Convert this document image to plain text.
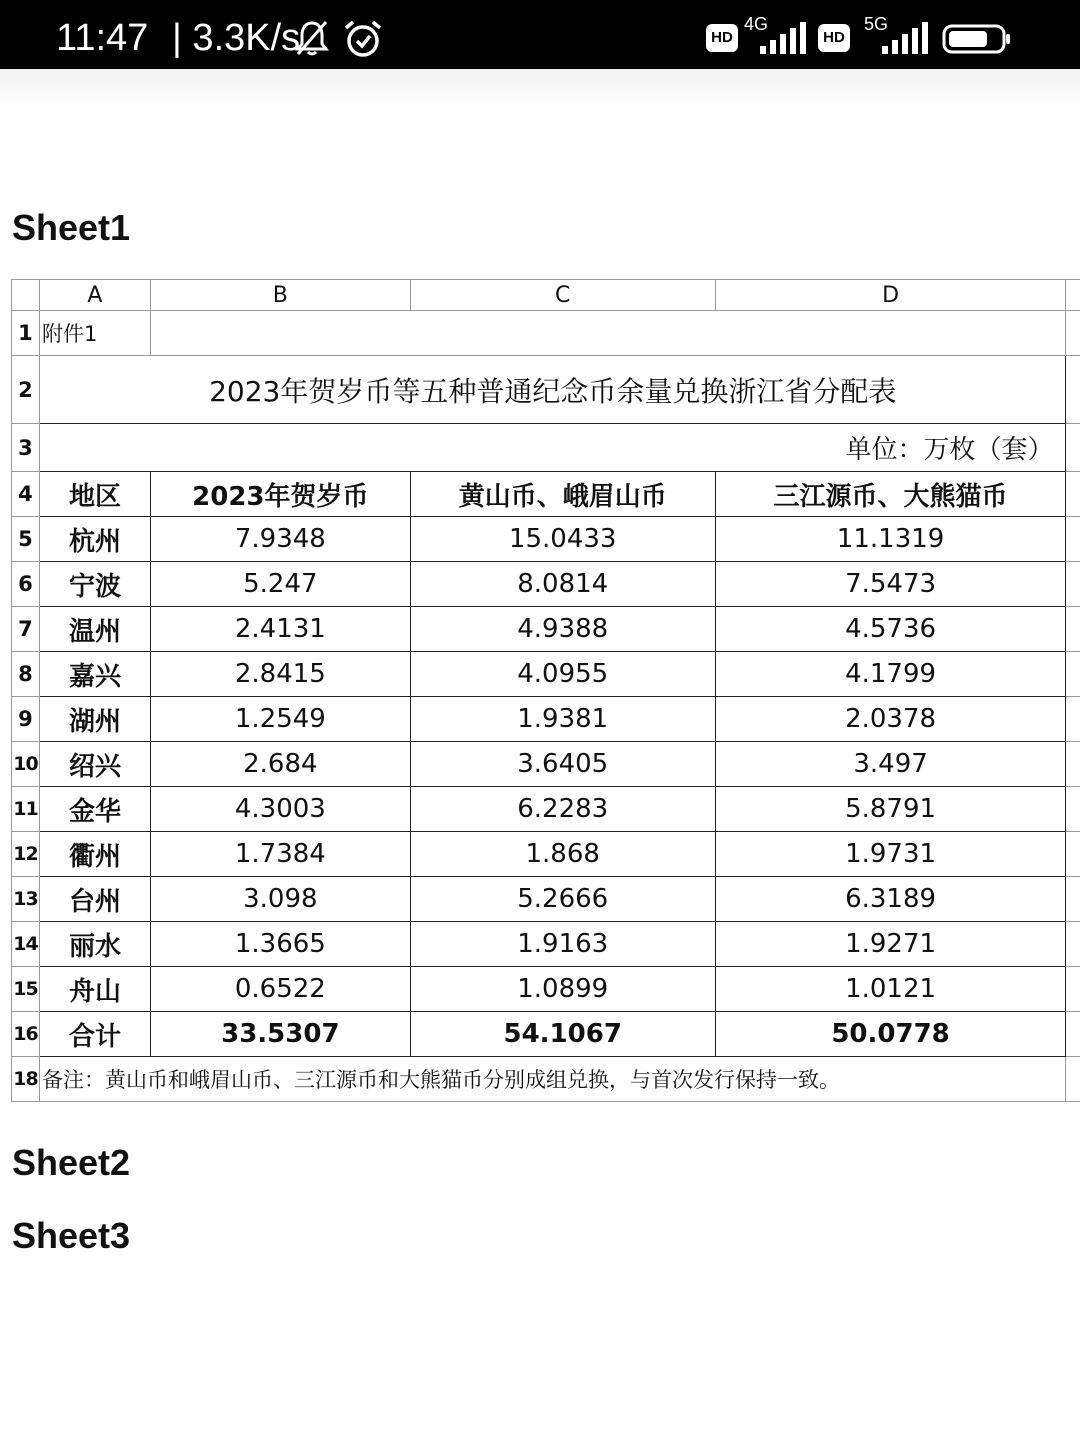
11:47 | 3.3K/s	HD
4G
HD
5G
Sheet1
	A	B	C	D	
1	附件1				
2	2023年贺岁币等五种普通纪念币余量兑换浙江省分配表				
3	单位：万枚（套）				
4	地区	2023年贺岁币	黄山币、峨眉山币	三江源币、大熊猫币	
5	杭州	7.9348	15.0433	11.1319	
6	宁波	5.247	8.0814	7.5473	
7	温州	2.4131	4.9388	4.5736	
8	嘉兴	2.8415	4.0955	4.1799	
9	湖州	1.2549	1.9381	2.0378	
10	绍兴	2.684	3.6405	3.497	
11	金华	4.3003	6.2283	5.8791	
12	衢州	1.7384	1.868	1.9731	
13	台州	3.098	5.2666	6.3189	
14	丽水	1.3665	1.9163	1.9271	
15	舟山	0.6522	1.0899	1.0121	
16	合计	33.5307	54.1067	50.0778	
18	备注：黄山币和峨眉山币、三江源币和大熊猫币分别成组兑换，与首次发行保持一致。				
Sheet2
Sheet3
